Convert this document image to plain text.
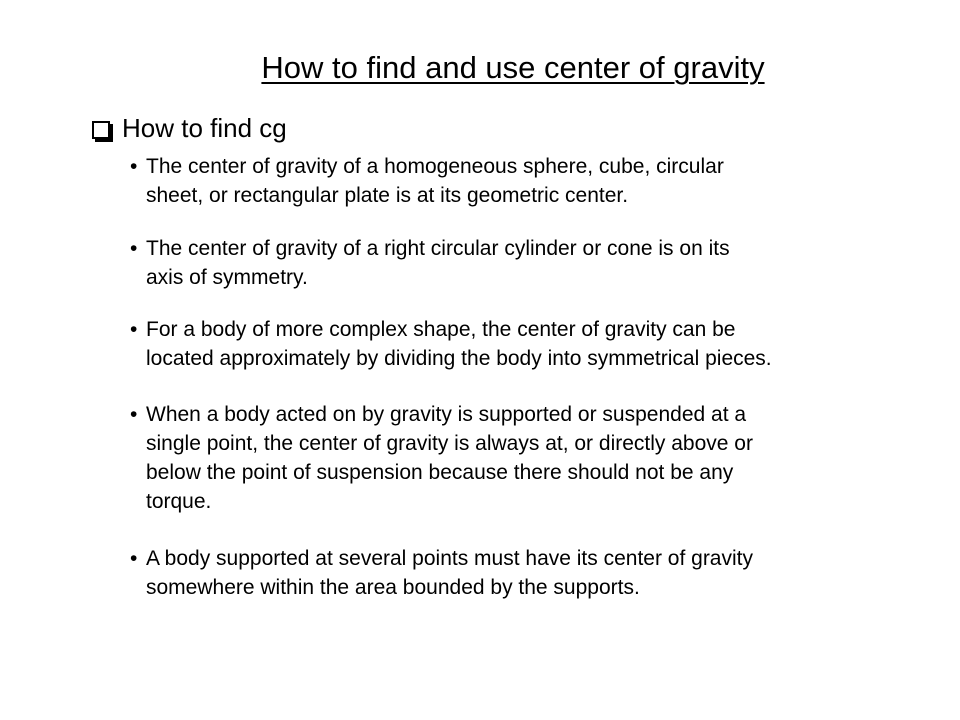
How to find and use center of gravity
How to find cg
• The center of gravity of a homogeneous sphere, cube, circular
sheet, or rectangular plate is at its geometric center.
• The center of gravity of a right circular cylinder or cone is on its
axis of symmetry.
• For a body of more complex shape, the center of gravity can be
located approximately by dividing the body into symmetrical pieces.
• When a body acted on by gravity is supported or suspended at a
single point, the center of gravity is always at, or directly above or
below the point of suspension because there should not be any
torque.
• A body supported at several points must have its center of gravity
somewhere within the area bounded by the supports.
